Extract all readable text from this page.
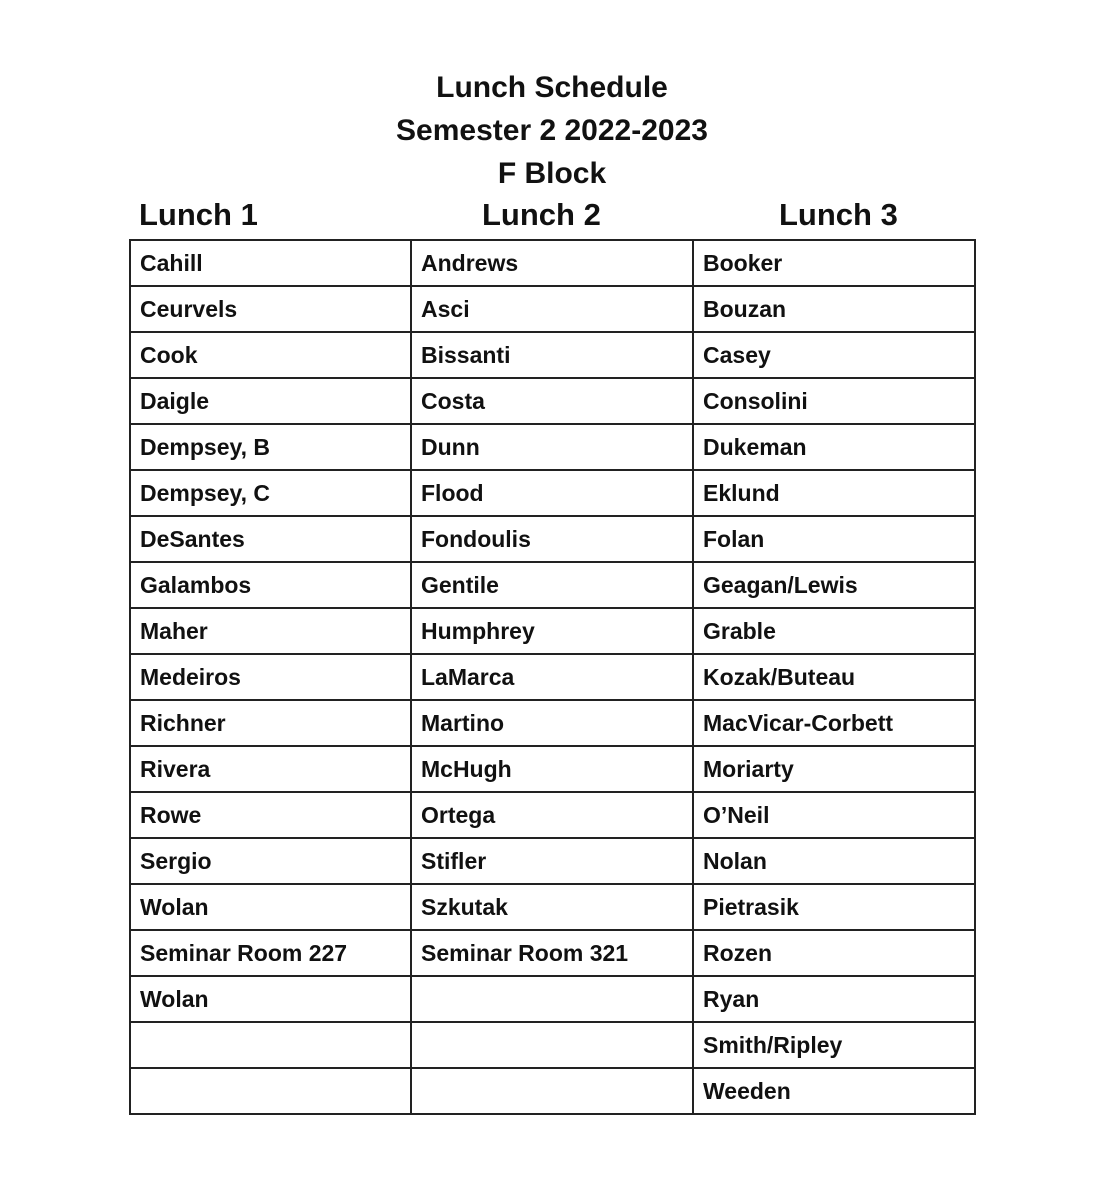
Lunch Schedule
Semester 2 2022-2023
F Block
Lunch 1	Lunch 2	Lunch 3
Cahill	Andrews	Booker
Ceurvels	Asci	Bouzan
Cook	Bissanti	Casey
Daigle	Costa	Consolini
Dempsey, B	Dunn	Dukeman
Dempsey, C	Flood	Eklund
DeSantes	Fondoulis	Folan
Galambos	Gentile	Geagan/Lewis
Maher	Humphrey	Grable
Medeiros	LaMarca	Kozak/Buteau
Richner	Martino	MacVicar-Corbett
Rivera	McHugh	Moriarty
Rowe	Ortega	O’Neil
Sergio	Stifler	Nolan
Wolan	Szkutak	Pietrasik
Seminar Room 227	Seminar Room 321	Rozen
Wolan		Ryan
		Smith/Ripley
		Weeden
